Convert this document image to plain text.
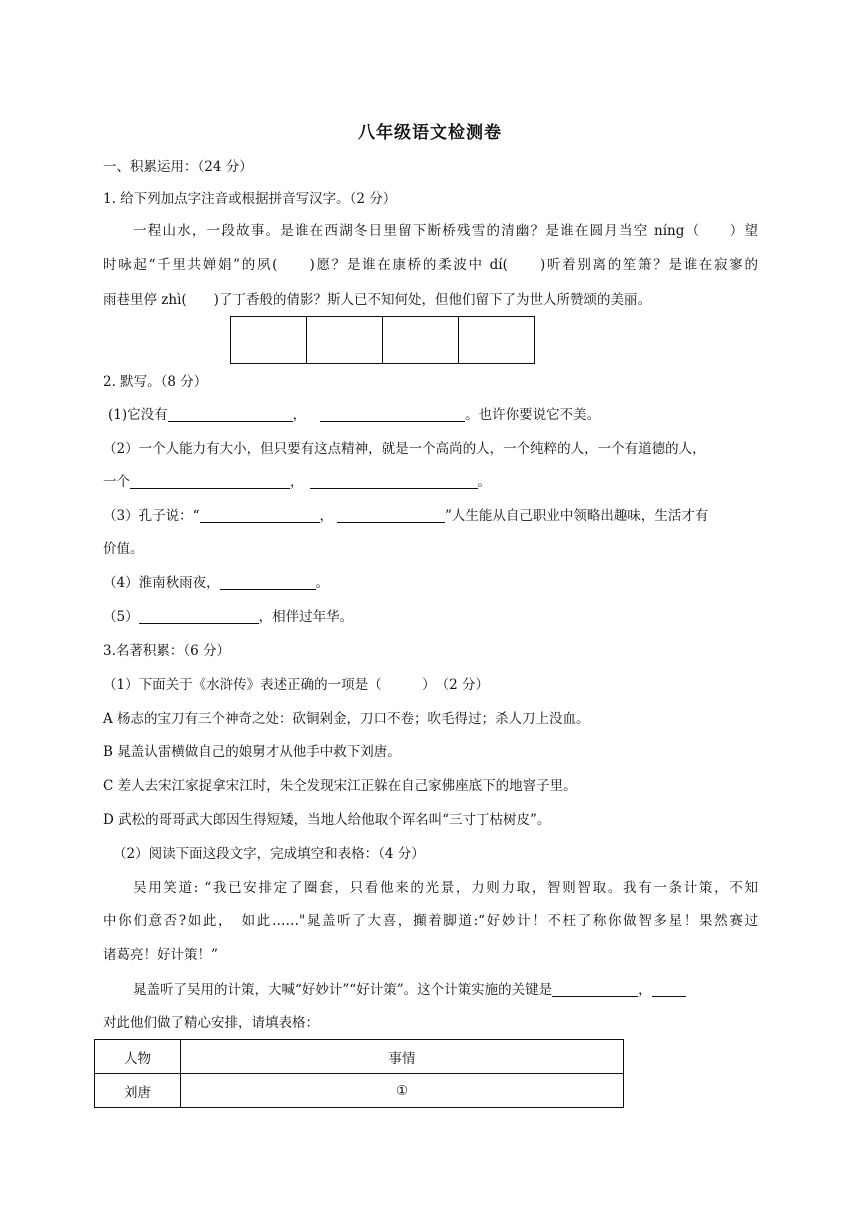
八年级语文检测卷
一、积累运用：（24 分）
1. 给下列加点字注音或根据拼音写汉字。（2 分）
一程山水，一段故事。是谁在西湖冬日里留下断桥残雪的清幽？是谁在圆月当空 níng（　　）望
时咏起“千里共婵娟”的夙(　　)愿？是谁在康桥的柔波中 dí(　　)听着别离的笙箫？是谁在寂寥的
雨巷里停 zhì(　　)了丁香般的倩影？斯人已不知何处，但他们留下了为世人所赞颂的美丽。
2. 默写。（8 分）
(1)它没有	，	。也许你要说它不美。
（2）一个人能力有大小，但只要有这点精神，就是一个高尚的人，一个纯粹的人，一个有道德的人，
一个	，	。
（3）孔子说：“	，	”人生能从自己职业中领略出趣味，生活才有
价值。
（4）淮南秋雨夜，	。
（5）	，相伴过年华。
3.名著积累：（6 分）
（1）下面关于《水浒传》表述正确的一项是（　　　）　（2 分）
A 杨志的宝刀有三个神奇之处：砍铜剁金，刀口不卷；吹毛得过；杀人刀上没血。
B 晁盖认雷横做自己的娘舅才从他手中救下刘唐。
C 差人去宋江家捉拿宋江时，朱仝发现宋江正躲在自己家佛座底下的地窨子里。
D 武松的哥哥武大郎因生得短矮，当地人给他取个诨名叫“三寸丁枯树皮”。
（2）阅读下面这段文字，完成填空和表格：（4 分）
吴用笑道: “我已安排定了圈套，只看他来的光景，力则力取，智则智取。我有一条计策，不知
中你们意否?如此，　如此……"晁盖听了大喜，攧着脚道:“好妙计！不枉了称你做智多星！果然赛过
诸葛亮！好计策！”
晁盖听了吴用的计策，大喊“好妙计”“好计策”。这个计策实施的关键是	，
对此他们做了精心安排，请填表格：
人物	事情
刘唐	①
